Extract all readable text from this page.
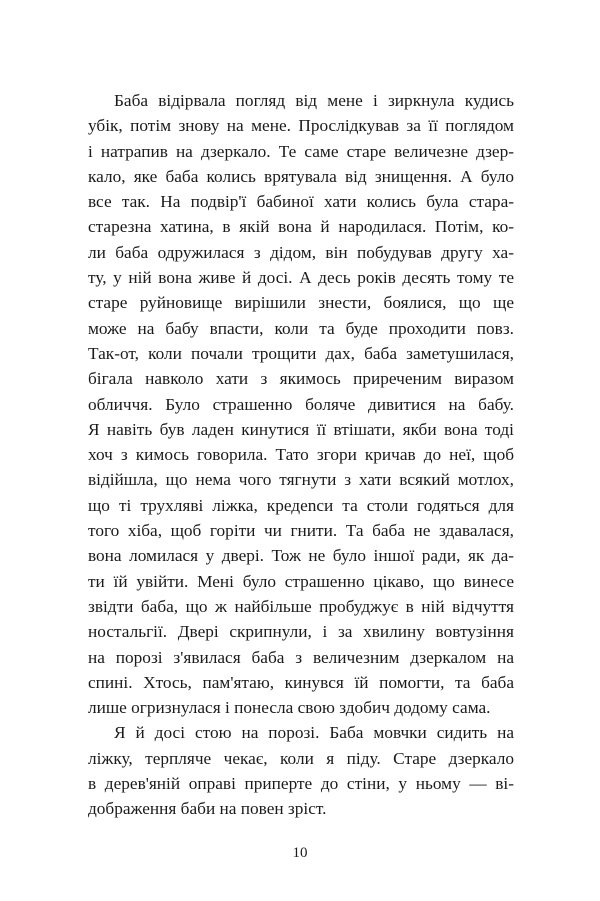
Баба відірвала погляд від мене і зиркнула кудись
убік, потім знову на мене. Прослідкував за її поглядом
і натрапив на дзеркало. Те саме старе величезне дзер-
кало, яке баба колись врятувала від знищення. А було
все так. На подвір'ї бабиної хати колись була стара-
старезна хатина, в якій вона й народилася. Потім, ко-
ли баба одружилася з дідом, він побудував другу ха-
ту, у ній вона живе й досі. А десь років десять тому те
старе руйновище вирішили знести, боялися, що ще
може на бабу впасти, коли та буде проходити повз.
Так-от, коли почали трощити дах, баба заметушилася,
бігала навколо хати з якимось приреченим виразом
обличчя. Було страшенно боляче дивитися на бабу.
Я навіть був ладен кинутися її втішати, якби вона тоді
хоч з кимось говорила. Тато згори кричав до неї, щоб
відійшла, що нема чого тягнути з хати всякий мотлох,
що ті трухляві ліжка, кредenси та столи годяться для
того хіба, щоб горіти чи гнити. Та баба не здавалася,
вона ломилася у двері. Тож не було іншої ради, як да-
ти їй увійти. Мені було страшенно цікаво, що винесе
звідти баба, що ж найбільше пробуджує в ній відчуття
ностальгії. Двері скрипнули, і за хвилину вовтузіння
на порозі з'явилася баба з величезним дзеркалом на
спині. Хтось, пам'ятаю, кинувся їй помогти, та баба
лише огризнулася і понесла свою здобич додому сама.
Я й досі стою на порозі. Баба мовчки сидить на
ліжку, терпляче чекає, коли я піду. Старе дзеркало
в дерев'яній оправі приперте до стіни, у ньому — ві-
дображення баби на повен зріст.
10
